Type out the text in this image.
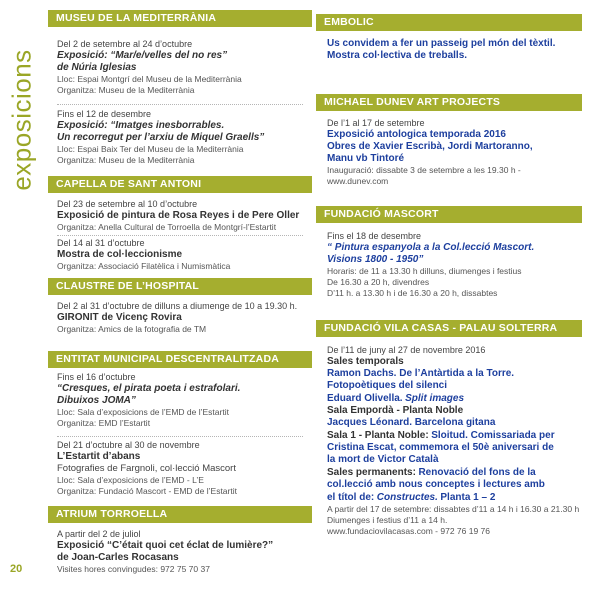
exposicions
20
MUSEU DE LA MEDITERRÀNIA
Del 2 de setembre al 24 d’octubre
Exposició: “Mar/e/velles del no res”
de Núria Iglesias
Lloc: Espai Montgrí del Museu de la Mediterrània
Organitza: Museu de la Mediterrània
Fins el 12 de desembre
Exposició: “Imatges inesborrables.
Un recorregut per l’arxiu de Miquel Graells”
Lloc: Espai Baix Ter del Museu de la Mediterrània
Organitza: Museu de la Mediterrània
CAPELLA DE SANT ANTONI
Del 23 de setembre al 10 d’octubre
Exposició de pintura de Rosa Reyes i de Pere Oller
Organitza: Anella Cultural de Torroella de Montgrí-l’Estartit
Del 14 al 31 d’octubre
Mostra de col·leccionisme
Organitza: Associació Filatèlica i Numismàtica
CLAUSTRE DE L’HOSPITAL
Del 2 al 31 d’octubre de dilluns a diumenge de 10 a 19.30 h.
GIRONIT de Vicenç Rovira
Organitza: Amics de la fotografia de TM
ENTITAT MUNICIPAL DESCENTRALITZADA
Fins el 16 d’octubre
“Cresques, el pirata poeta i estrafolari.
Dibuixos JOMA”
Lloc: Sala d’exposicions de l’EMD de l’Estartit
Organitza: EMD l’Estartit
Del 21 d’octubre al 30 de novembre
L’Estartit d’abans
Fotografies de Fargnoli, col·lecció Mascort
Lloc: Sala d’exposicions de l’EMD - L’E
Organitza: Fundació Mascort - EMD de l’Estartit
ATRIUM TORROELLA
A partir del 2 de juliol
Exposició “C’était quoi cet éclat de lumière?”
de Joan-Carles Rocasans
Visites hores convingudes: 972 75 70 37
EMBOLIC
Us convidem a fer un passeig pel món del tèxtil.
Mostra col·lectiva de treballs.
MICHAEL DUNEV ART PROJECTS
De l’1 al 17 de setembre
Exposició antologica temporada 2016
Obres de Xavier Escribà, Jordi Martoranno,
Manu vb Tintoré
Inauguració: dissabte 3 de setembre a les 19.30 h - www.dunev.com
FUNDACIÓ MASCORT
Fins el 18 de desembre
“ Pintura espanyola a la Col.lecció Mascort.
Visions 1800 - 1950”
Horaris: de 11 a 13.30 h dilluns, diumenges i festius
De 16.30 a 20 h, divendres
D’11 h. a 13.30 h i de 16.30 a 20 h, dissabtes
FUNDACIÓ VILA CASAS - PALAU SOLTERRA
De l’11 de juny al 27 de novembre 2016
Sales temporals
Ramon Dachs. De l’Antàrtida a la Torre.
Fotopoètiques del silenci
Eduard Olivella. Split images
Sala Empordà - Planta Noble
Jacques Léonard. Barcelona gitana
Sala 1 - Planta Noble: Sloitud. Comissariada per
Cristina Escat, commemora el 50è aniversari de
la mort de Victor Català
Sales permanents: Renovació del fons de la
col.lecció amb nous conceptes i lectures amb
el títol de: Constructes. Planta 1 – 2
A partir del 17 de setembre: dissabtes d’11 a 14 h i 16.30 a 21.30 h
Diumenges i festius d’11 a 14 h.
www.fundaciovilacasas.com - 972 76 19 76
